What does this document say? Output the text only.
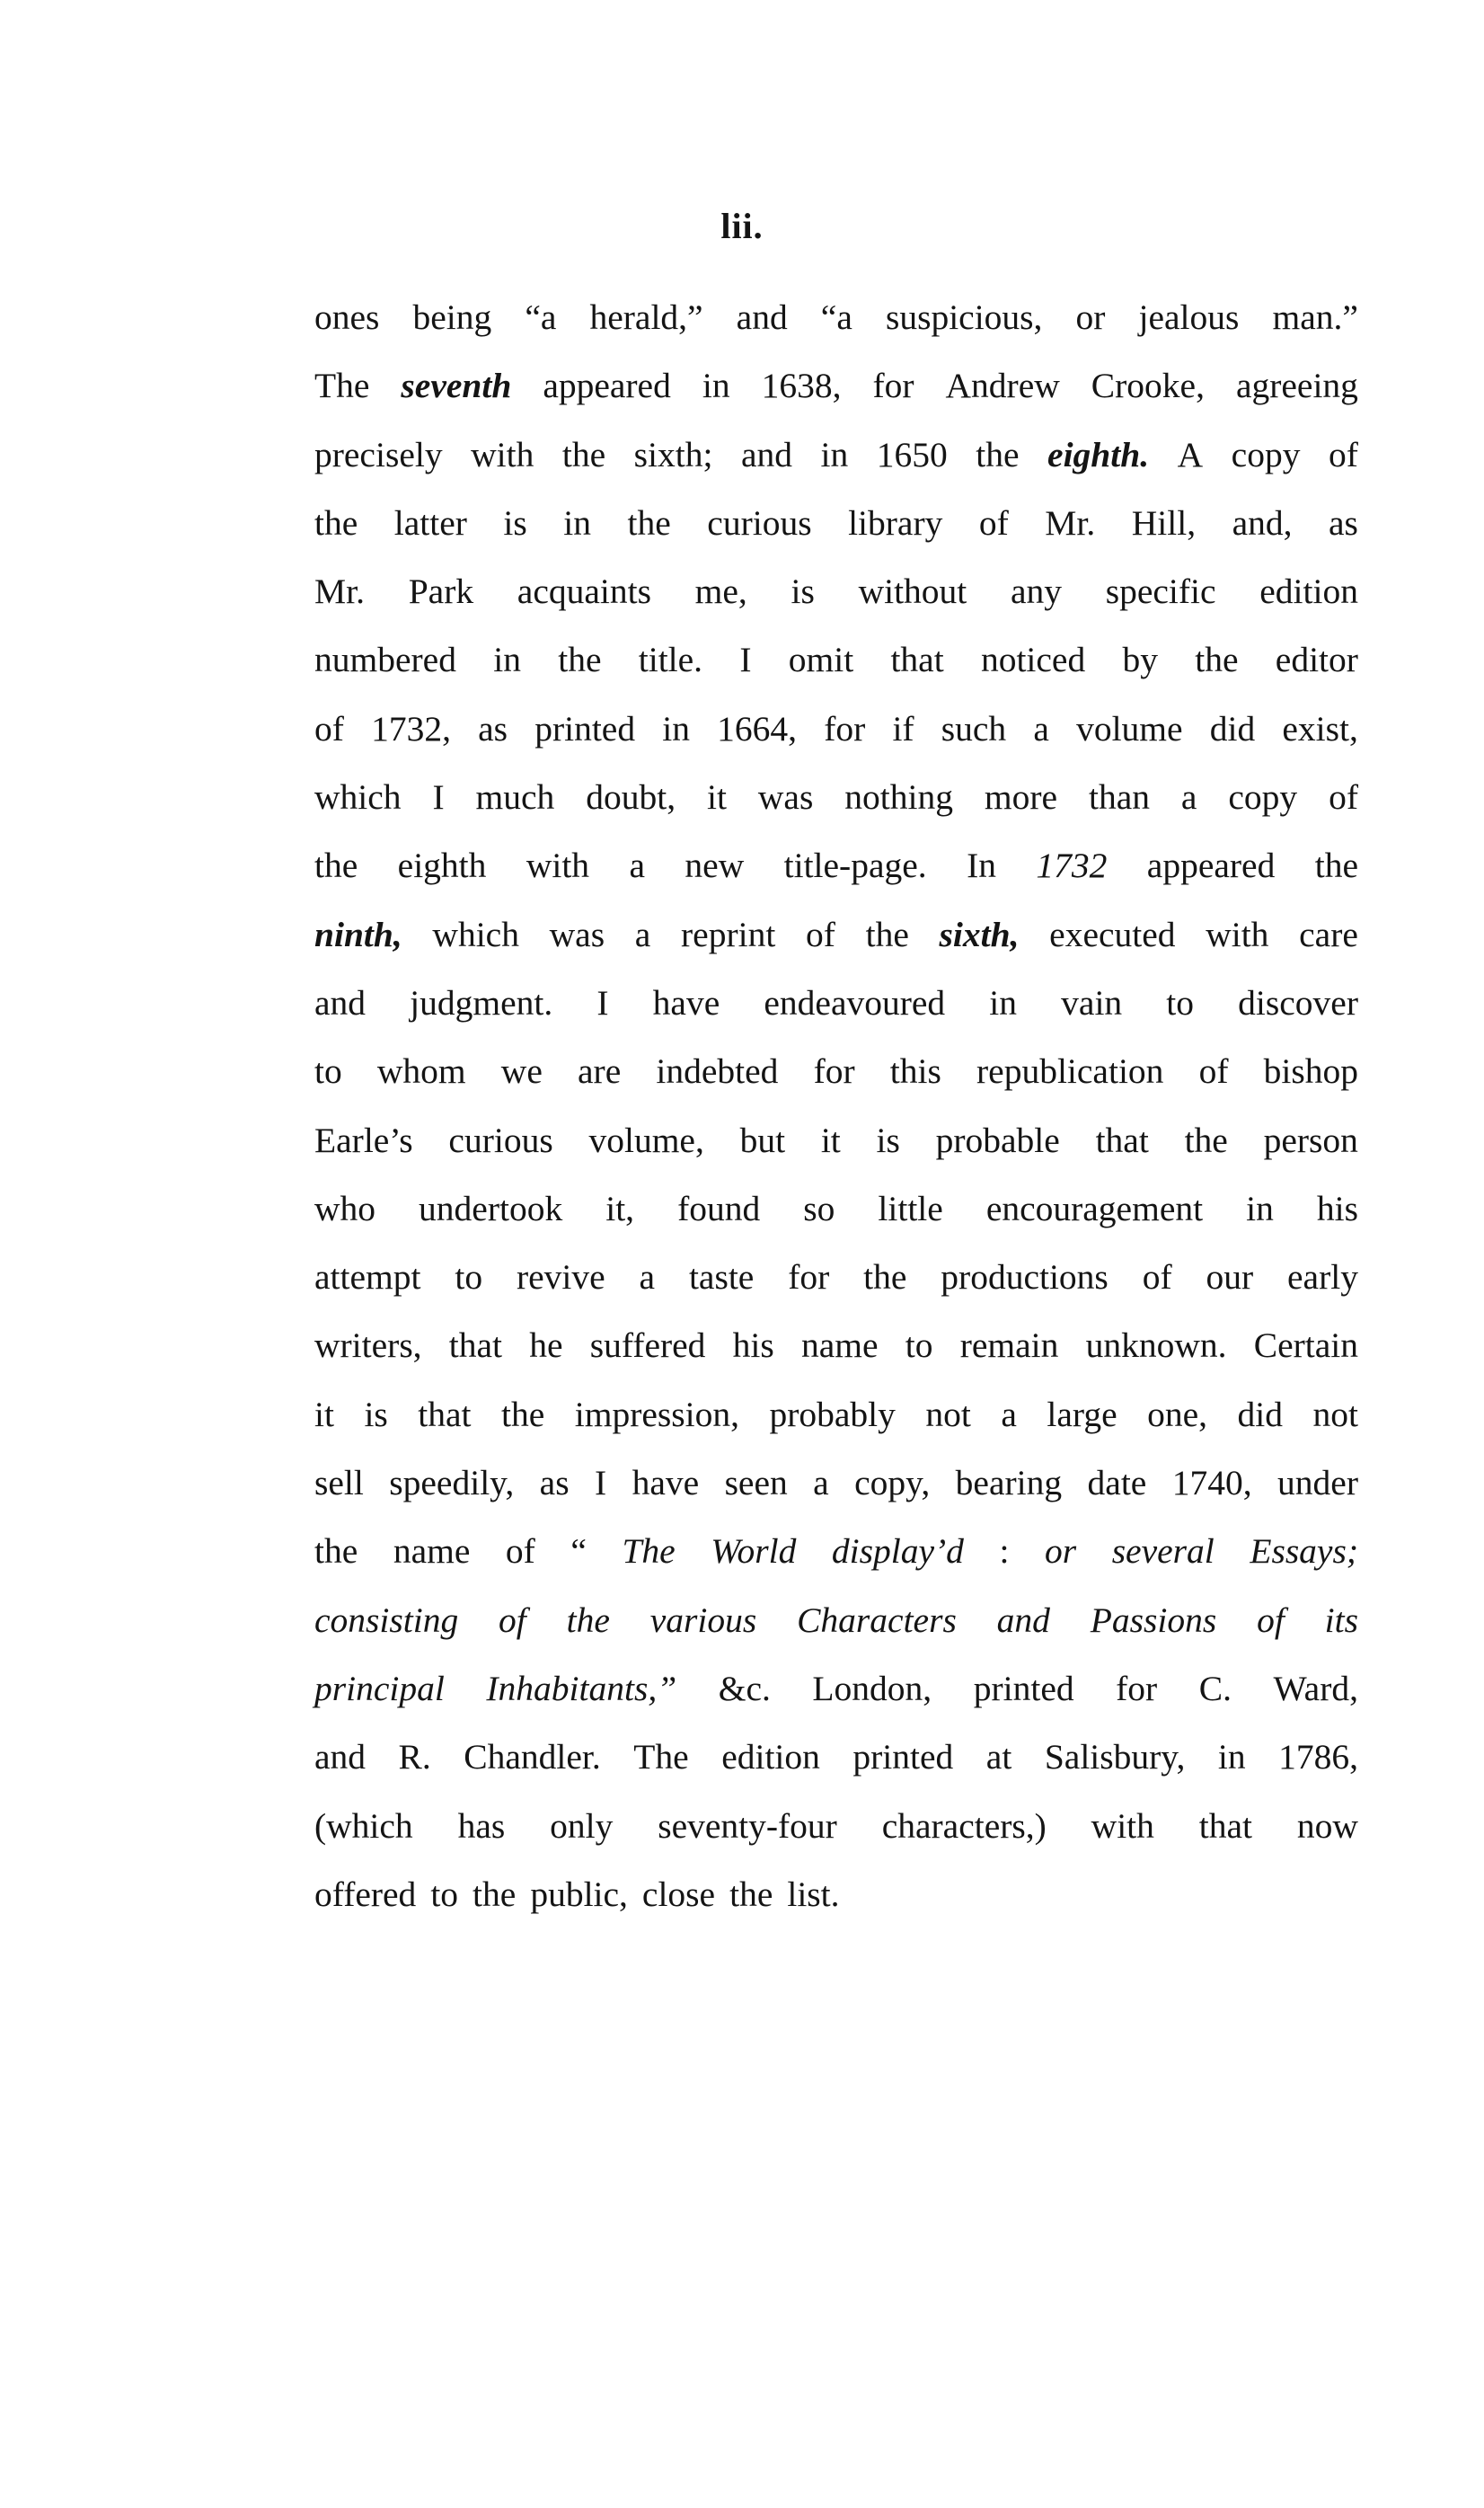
lii.
ones being “a herald,” and “a suspicious, or jealous man.”
The seventh appeared in 1638, for Andrew Crooke, agreeing
precisely with the sixth; and in 1650 the eighth. A copy of
the latter is in the curious library of Mr. Hill, and, as
Mr. Park acquaints me, is without any specific edition
numbered in the title. I omit that noticed by the editor
of 1732, as printed in 1664, for if such a volume did exist,
which I much doubt, it was nothing more than a copy of
the eighth with a new title-page. In 1732 appeared the
ninth, which was a reprint of the sixth, executed with care
and judgment. I have endeavoured in vain to discover
to whom we are indebted for this republication of bishop
Earle’s curious volume, but it is probable that the person
who undertook it, found so little encouragement in his
attempt to revive a taste for the productions of our early
writers, that he suffered his name to remain unknown. Certain
it is that the impression, probably not a large one, did not
sell speedily, as I have seen a copy, bearing date 1740, under
the name of “ The World display’d : or several Essays;
consisting of the various Characters and Passions of its
principal Inhabitants,” &c. London, printed for C. Ward,
and R. Chandler. The edition printed at Salisbury, in 1786,
(which has only seventy-four characters,) with that now
offered to the public, close the list.
